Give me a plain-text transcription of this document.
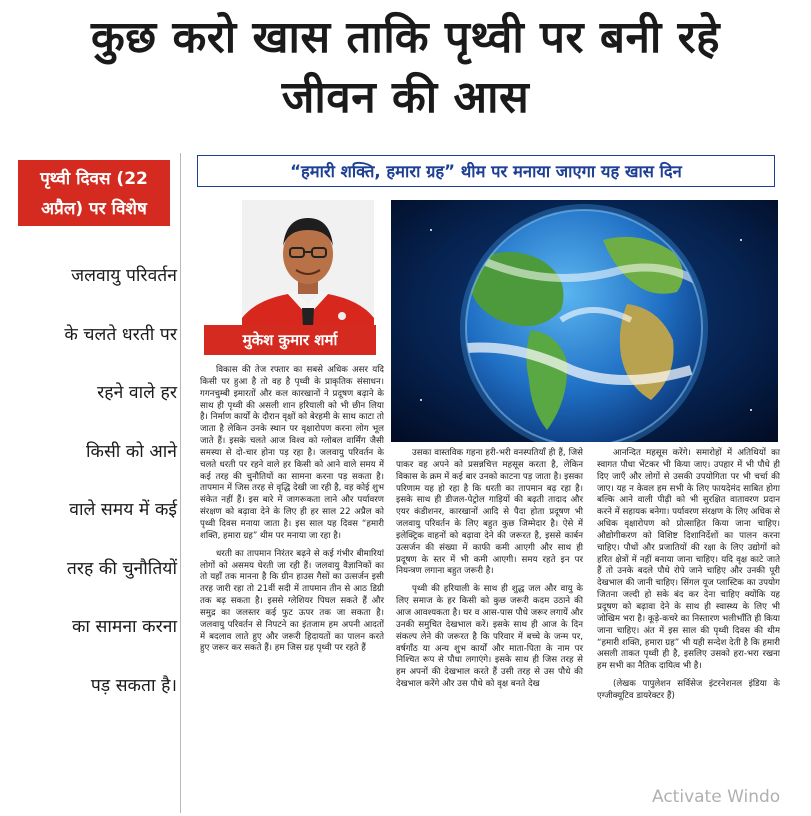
कुछ करो खास ताकि पृथ्वी पर बनी रहे
जीवन की आस
पृथ्वी दिवस (22
अप्रैल) पर विशेष
जलवायु परिवर्तन
के चलते धरती पर
रहने वाले हर
किसी को आने
वाले समय में कई
तरह की चुनौतियों
का सामना करना
पड़ सकता है।
“हमारी शक्ति, हमारा ग्रह” थीम पर मनाया जाएगा यह खास दिन
मुकेश कुमार शर्मा

विकास की तेज रफ्तार का सबसे अधिक असर यदि किसी पर हुआ है तो वह है पृथ्वी के प्राकृतिक संसाधन। गगनचुम्बी इमारतों और कल कारखानों ने प्रदूषण बढ़ाने के साथ ही पृथ्वी की असली शान हरियाली को भी छीन लिया है। निर्माण कार्यों के दौरान वृक्षों को बेरहमी के साथ काटा तो जाता है लेकिन उनके स्थान पर वृक्षारोपण करना लोग भूल जाते हैं। इसके चलते आज विश्व को ग्लोबल वार्मिंग जैसी समस्या से दो-चार होना पड़ रहा है। जलवायु परिवर्तन के चलते धरती पर रहने वाले हर किसी को आने वाले समय में कई तरह की चुनौतियों का सामना करना पड़ सकता है। तापमान में जिस तरह से वृद्धि देखी जा रही है, वह कोई शुभ संकेत नहीं हैं। इस बारे में जागरूकता लाने और पर्यावरण संरक्षण को बढ़ावा देने के लिए ही हर साल 22 अप्रैल को पृथ्वी दिवस मनाया जाता है। इस साल यह दिवस “हमारी शक्ति, हमारा ग्रह” थीम पर मनाया जा रहा है।

धरती का तापमान निरंतर बढ़ने से कई गंभीर बीमारियां लोगों को असमय घेरती जा रही हैं। जलवायु वैज्ञानिकों का तो यहाँ तक मानना है कि ग्रीन हाउस गैसों का उत्सर्जन इसी तरह जारी रहा तो 21वीं सदी में तापमान तीन से आठ डिग्री तक बढ़ सकता है। इससे ग्लेशियर पिघल सकते हैं और समुद्र का जलस्तर कई फुट ऊपर तक जा सकता है। जलवायु परिवर्तन से निपटने का इंतजाम हम अपनी आदतों में बदलाव लाते हुए और जरूरी हिदायतों का पालन करते हुए जरूर कर सकते हैं। हम जिस ग्रह पृथ्वी पर रहते हैं

उसका वास्तविक गहना हरी-भरी वनस्पतियाँ ही हैं, जिसे पाकर वह अपने को प्रसन्नचित्त महसूस करता है, लेकिन विकास के क्रम में कई बार उनको काटना पड़ जाता है। इसका परिणाम यह हो रहा है कि धरती का तापमान बढ़ रहा है। इसके साथ ही डीजल-पेट्रोल गाड़ियों की बढ़ती तादाद और एयर कंडीशनर, कारखानों आदि से पैदा होता प्रदूषण भी जलवायु परिवर्तन के लिए बहुत कुछ जिम्मेदार है। ऐसे में इलेक्ट्रिक वाहनों को बढ़ावा देने की जरूरत है, इससे कार्बन उत्सर्जन की संख्या में काफी कमी आएगी और साथ ही प्रदूषण के स्तर में भी कमी आएगी। समय रहते इन पर नियन्त्रण लगाना बहुत जरूरी है।

पृथ्वी की हरियाली के साथ ही शुद्ध जल और वायु के लिए समाज के हर किसी को कुछ जरूरी कदम उठाने की आज आवश्यकता है। घर व आस-पास पौधे जरूर लगायें और उनकी समुचित देखभाल करें। इसके साथ ही आज के दिन संकल्प लेने की जरूरत है कि परिवार में बच्चे के जन्म पर, वर्षगाँठ या अन्य शुभ कार्यों और माता-पिता के नाम पर निश्चित रूप से पौधा लगाएंगे। इसके साथ ही जिस तरह से हम अपनों की देखभाल करते हैं उसी तरह से उस पौधे की देखभाल करेंगे और उस पौधे को वृक्ष बनते देख

आनन्दित महसूस करेंगे। समारोहों में अतिथियों का स्वागत पौधा भेंटकर भी किया जाए। उपहार में भी पौधे ही दिए जाएँ और लोगों से उसकी उपयोगिता पर भी चर्चा की जाए। यह न केवल हम सभी के लिए फायदेमंद साबित होगा बल्कि आने वाली पीढ़ी को भी सुरक्षित वातावरण प्रदान करने में सहायक बनेगा। पर्यावरण संरक्षण के लिए अधिक से अधिक वृक्षारोपण को प्रोत्साहित किया जाना चाहिए। औद्योगीकरण को विशिष्ट दिशानिर्देशों का पालन करना चाहिए। पौधों और प्रजातियों की रक्षा के लिए उद्योगों को हरित क्षेत्रों में नहीं बनाया जाना चाहिए। यदि वृक्ष काटे जाते हैं तो उनके बदले पौधे रोपे जाने चाहिए और उनकी पूरी देखभाल की जानी चाहिए। सिंगल यूज प्लास्टिक का उपयोग जितना जल्दी हो सके बंद कर देना चाहिए क्योंकि यह प्रदूषण को बढ़ावा देने के साथ ही स्वास्थ्य के लिए भी जोखिम भरा है। कूड़े-कचरे का निस्तारण भलीभाँति ही किया जाना चाहिए। अंत में इस साल की पृथ्वी दिवस की थीम “हमारी शक्ति, हमारा ग्रह” भी यही सन्देश देती है कि हमारी असली ताकत पृथ्वी ही है, इसलिए उसको हरा-भरा रखना हम सभी का नैतिक दायित्व भी है।

(लेखक पापुलेशन सर्विसेज इंटरनेशनल इंडिया के एग्जीक्यूटिव डायरेक्टर हैं)

Activate Windo
